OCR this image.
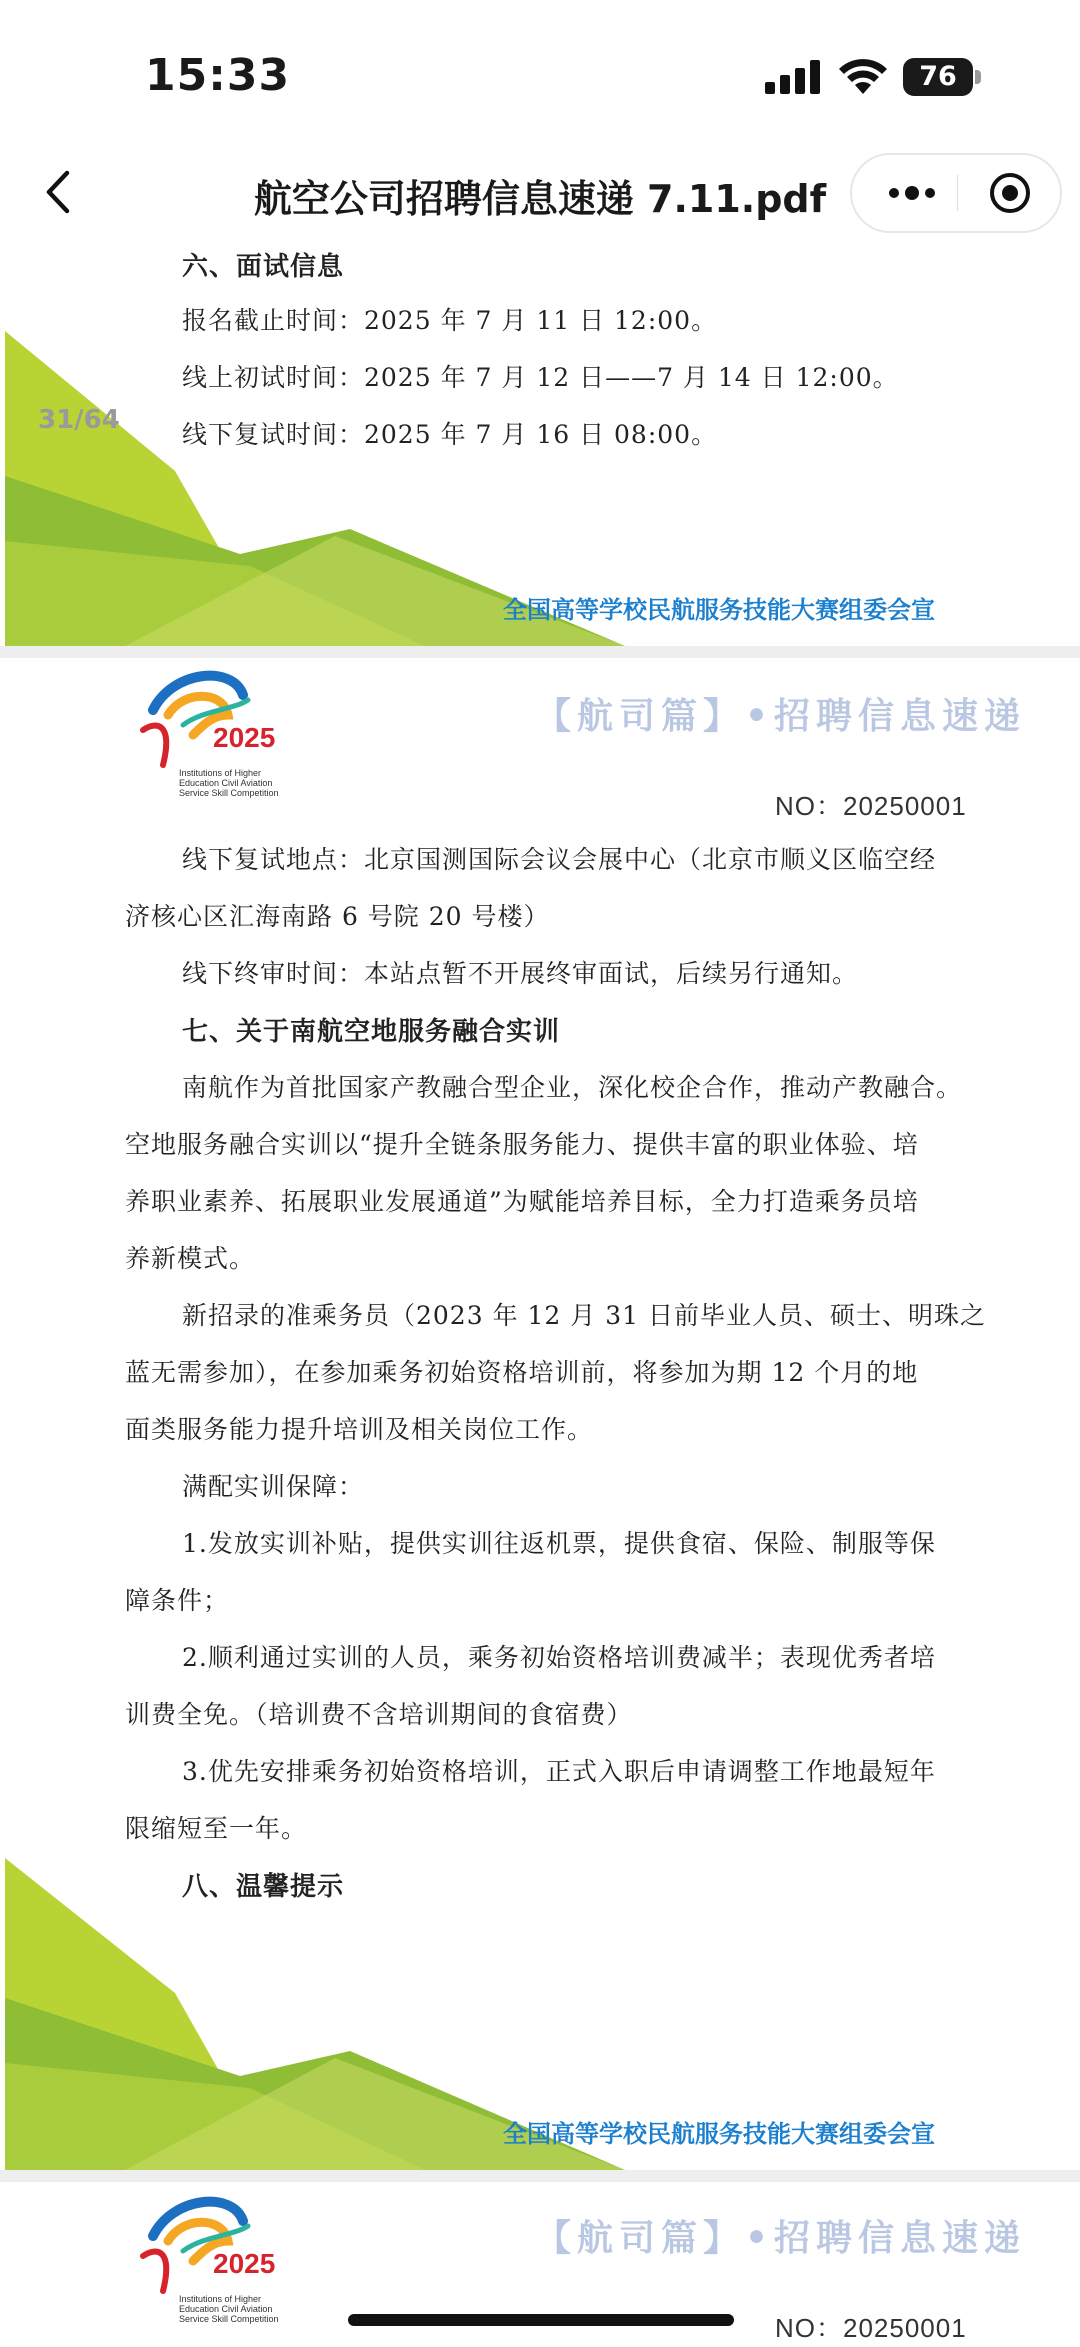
15:33	76
航空公司招聘信息速递 7.11.pdf
六、面试信息
报名截止时间：2025 年 7 月 11 日 12:00。
线上初试时间：2025 年 7 月 12 日——7 月 14 日 12:00。
线下复试时间：2025 年 7 月 16 日 08:00。
全国高等学校民航服务技能大赛组委会宣
31/64
2025
Institutions of Higher Education Civil Aviation Service Skill Competition
【航司篇】•招聘信息速递
NO：20250001
线下复试地点：北京国测国际会议会展中心（北京市顺义区临空经
济核心区汇海南路 6 号院 20 号楼）
线下终审时间：本站点暂不开展终审面试，后续另行通知。
七、关于南航空地服务融合实训
南航作为首批国家产教融合型企业，深化校企合作，推动产教融合。
空地服务融合实训以“提升全链条服务能力、提供丰富的职业体验、培
养职业素养、拓展职业发展通道”为赋能培养目标，全力打造乘务员培
养新模式。
新招录的准乘务员（2023 年 12 月 31 日前毕业人员、硕士、明珠之
蓝无需参加），在参加乘务初始资格培训前，将参加为期 12 个月的地
面类服务能力提升培训及相关岗位工作。
满配实训保障：
1.发放实训补贴，提供实训往返机票，提供食宿、保险、制服等保
障条件；
2.顺利通过实训的人员，乘务初始资格培训费减半；表现优秀者培
训费全免。（培训费不含培训期间的食宿费）
3.优先安排乘务初始资格培训，正式入职后申请调整工作地最短年
限缩短至一年。
八、温馨提示
全国高等学校民航服务技能大赛组委会宣
2025
Institutions of Higher Education Civil Aviation Service Skill Competition
【航司篇】•招聘信息速递
NO：20250001
